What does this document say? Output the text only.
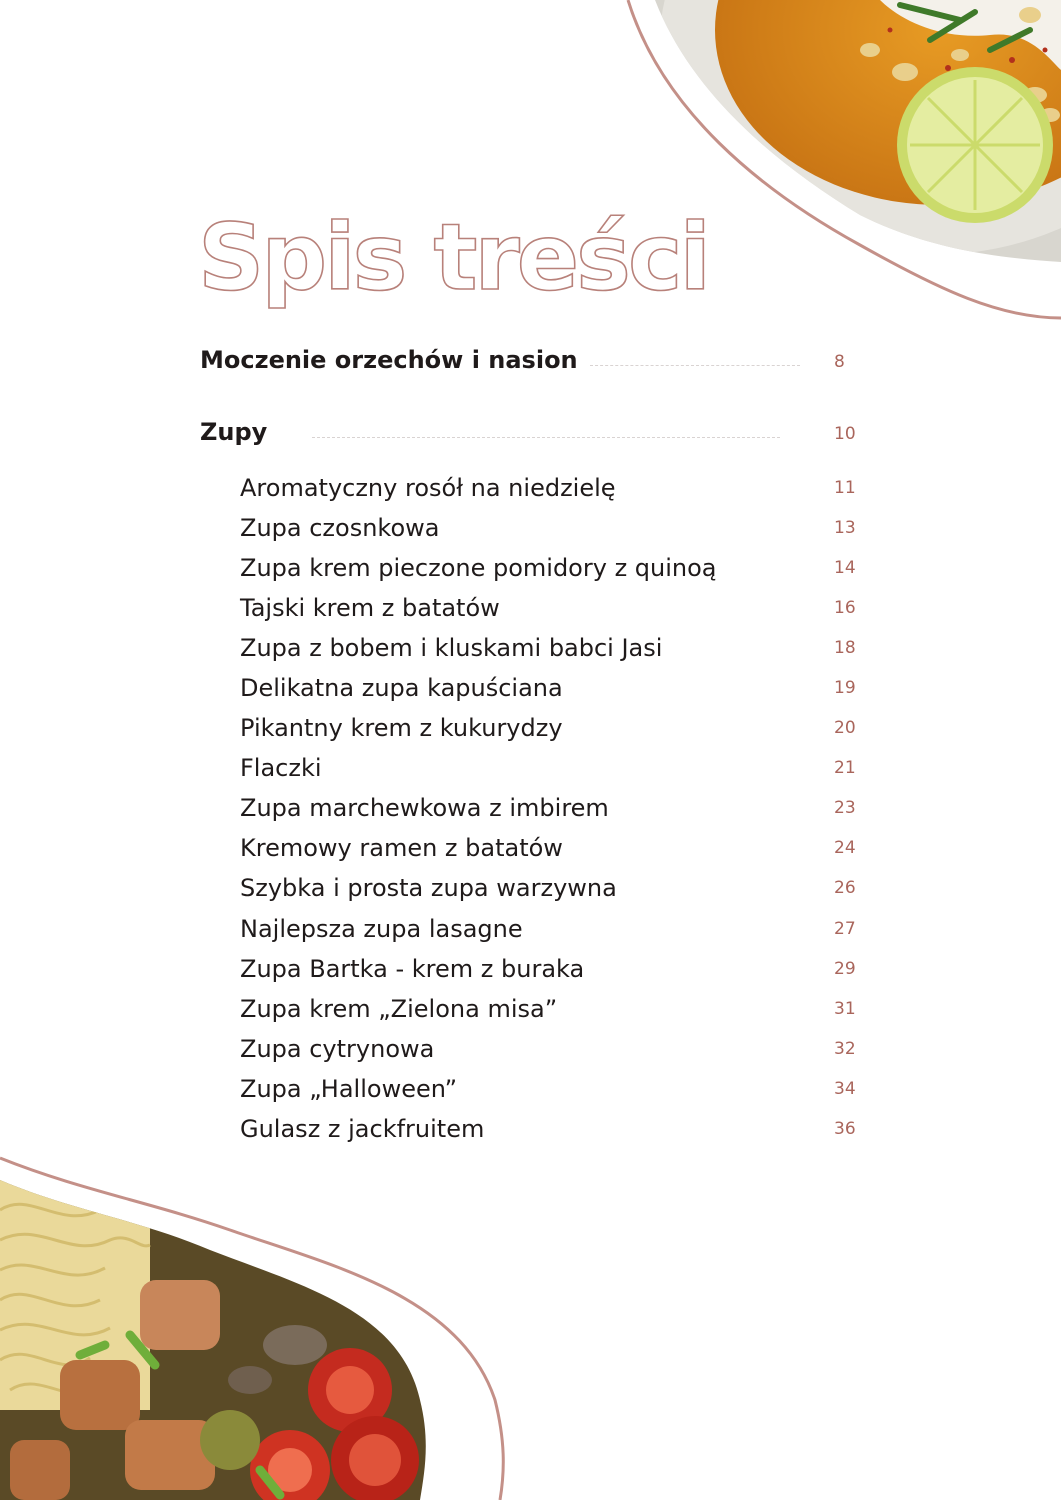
Spis treści
Moczenie orzechów i nasion	8
Zupy	10
Aromatyczny rosół na niedzielę	11
Zupa czosnkowa	13
Zupa krem pieczone pomidory z quinoą	14
Tajski krem z batatów	16
Zupa z bobem i kluskami babci Jasi	18
Delikatna zupa kapuściana	19
Pikantny krem z kukurydzy	20
Flaczki	21
Zupa marchewkowa z imbirem	23
Kremowy ramen z batatów	24
Szybka i prosta zupa warzywna	26
Najlepsza zupa lasagne	27
Zupa Bartka - krem z buraka	29
Zupa krem „Zielona misa”	31
Zupa cytrynowa	32
Zupa „Halloween”	34
Gulasz z jackfruitem	36
